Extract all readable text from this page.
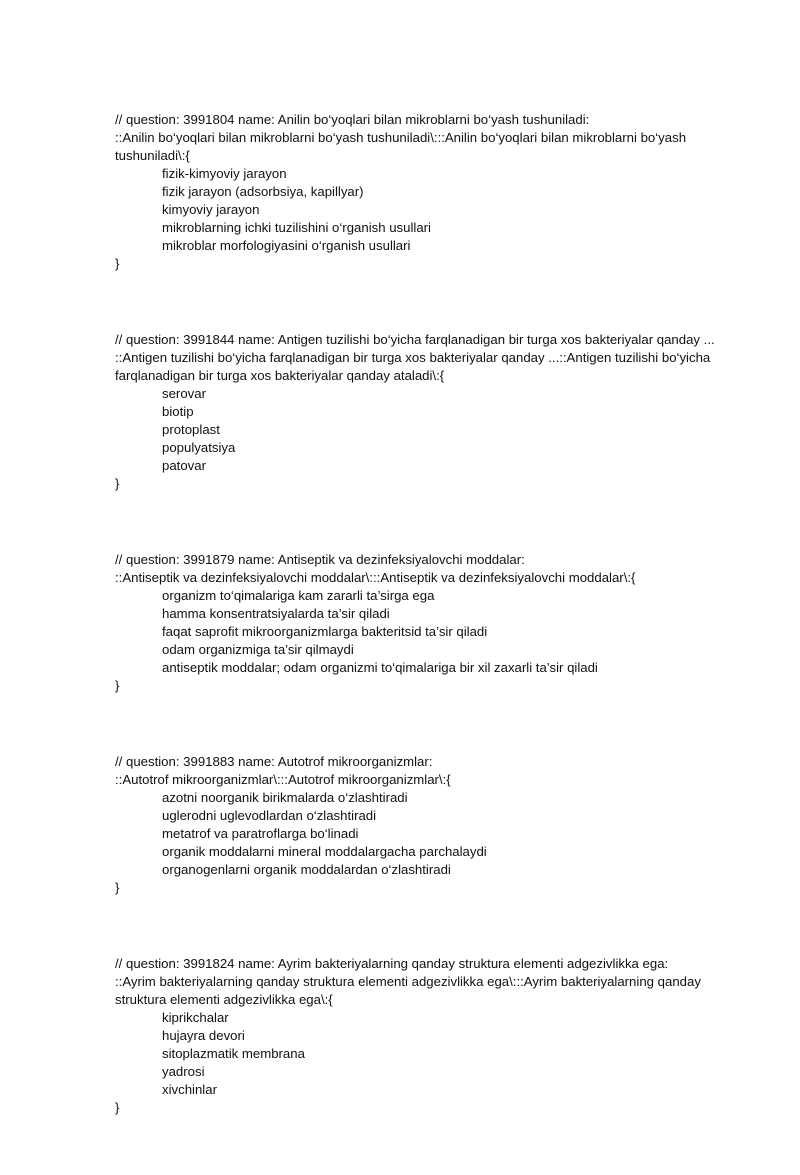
// question: 3991804 name: Anilin bo‘yoqlari bilan mikroblarni bo‘yash tushuniladi:
::Anilin bo‘yoqlari bilan mikroblarni bo‘yash tushuniladi\:::Anilin bo‘yoqlari bilan mikroblarni bo‘yash tushuniladi\:{
fizik-kimyoviy jarayon
fizik jarayon (adsorbsiya, kapillyar)
kimyoviy jarayon
mikroblarning ichki tuzilishini o‘rganish usullari
mikroblar morfologiyasini o‘rganish usullari
}
// question: 3991844 name: Antigen tuzilishi bo‘yicha farqlanadigan bir turga xos bakteriyalar qanday ...
::Antigen tuzilishi bo‘yicha farqlanadigan bir turga xos bakteriyalar qanday ...::Antigen tuzilishi bo‘yicha farqlanadigan bir turga xos bakteriyalar qanday ataladi\:{
serovar
biotip
protoplast
populyatsiya
patovar
}
// question: 3991879 name: Antiseptik va dezinfeksiyalovchi moddalar:
::Antiseptik va dezinfeksiyalovchi moddalar\:::Antiseptik va dezinfeksiyalovchi moddalar\:{
organizm to‘qimalariga kam zararli ta’sirga ega
hamma konsentratsiyalarda ta’sir qiladi
faqat saprofit mikroorganizmlarga bakteritsid ta’sir qiladi
odam organizmiga ta’sir qilmaydi
antiseptik moddalar; odam organizmi to‘qimalariga bir xil zaxarli ta’sir qiladi
}
// question: 3991883 name: Autotrof mikroorganizmlar:
::Autotrof mikroorganizmlar\:::Autotrof mikroorganizmlar\:{
azotni noorganik birikmalarda o‘zlashtiradi
uglerodni uglevodlardan o‘zlashtiradi
metatrof va paratroflarga bo‘linadi
organik moddalarni mineral moddalargacha parchalaydi
organogenlarni organik moddalardan o‘zlashtiradi
}
// question: 3991824 name: Ayrim bakteriyalarning qanday struktura elementi adgezivlikka ega:
::Ayrim bakteriyalarning qanday struktura elementi adgezivlikka ega\:::Ayrim bakteriyalarning qanday struktura elementi adgezivlikka ega\:{
kiprikchalar
hujayra devori
sitoplazmatik membrana
yadrosi
xivchinlar
}
